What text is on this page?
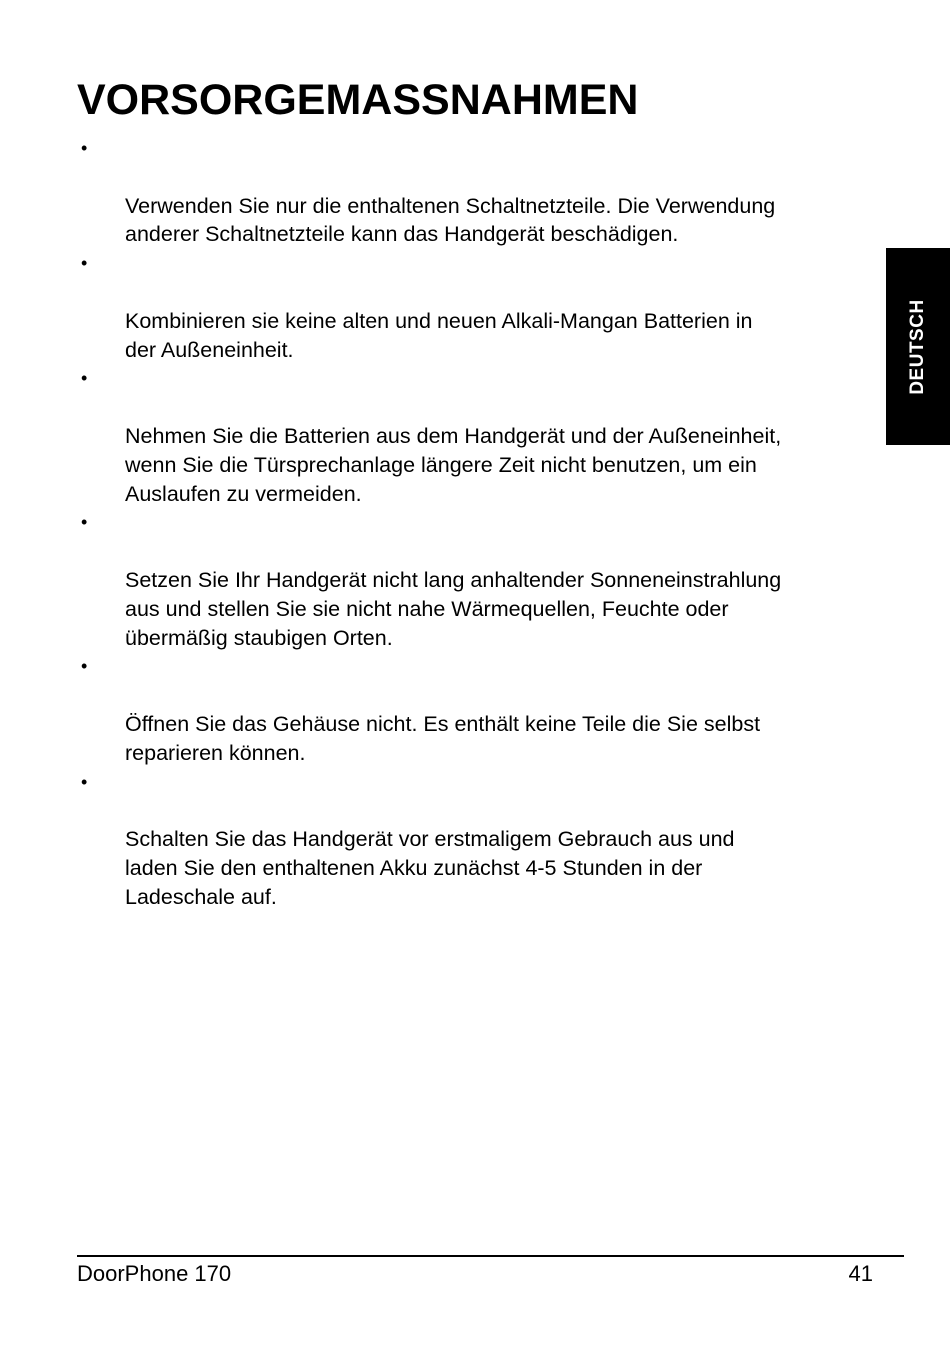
VORSORGEMASSNAHMEN

•

Verwenden Sie nur die enthaltenen Schaltnetzteile. Die Verwendung
anderer Schaltnetzteile kann das Handgerät beschädigen.

•

Kombinieren sie keine alten und neuen Alkali-Mangan Batterien in
der Außeneinheit.

•

Nehmen Sie die Batterien aus dem Handgerät und der Außeneinheit,
wenn Sie die Türsprechanlage längere Zeit nicht benutzen, um ein
Auslaufen zu vermeiden.

•

Setzen Sie Ihr Handgerät nicht lang anhaltender Sonneneinstrahlung
aus und stellen Sie sie nicht nahe Wärmequellen, Feuchte oder
übermäßig staubigen Orten.

•

Öffnen Sie das Gehäuse nicht. Es enthält keine Teile die Sie selbst
reparieren können.

•

Schalten Sie das Handgerät vor erstmaligem Gebrauch aus und
laden Sie den enthaltenen Akku zunächst 4-5 Stunden in der
Ladeschale auf.

DEUTSCH
DoorPhone 170	41
